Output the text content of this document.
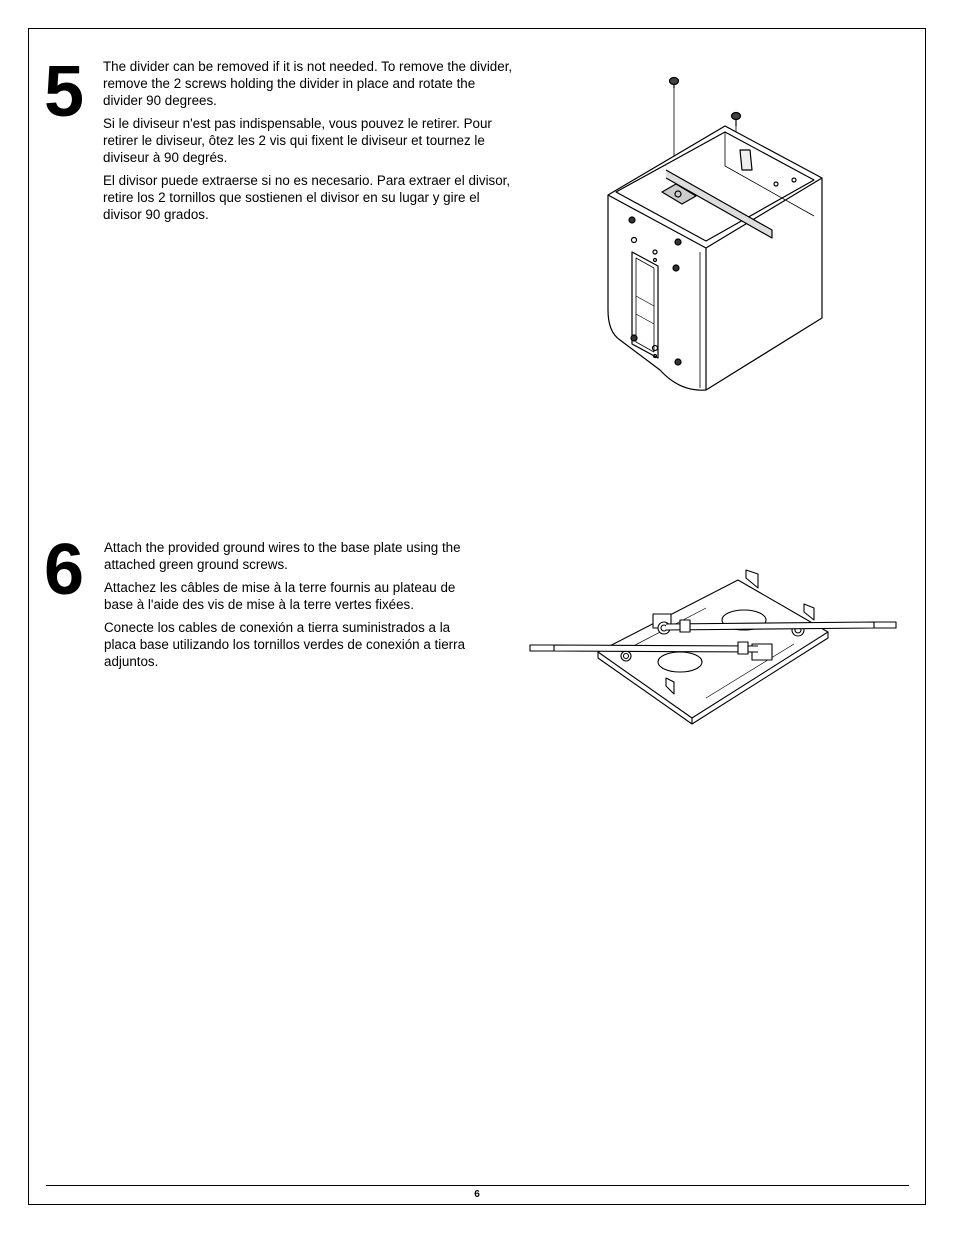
5 The divider can be removed if it is not needed. To remove the divider, remove the 2 screws holding the divider in place and rotate the divider 90 degrees.

Si le diviseur n'est pas indispensable, vous pouvez le retirer. Pour retirer le diviseur, ôtez les 2 vis qui fixent le diviseur et tournez le diviseur à 90 degrés.

El divisor puede extraerse si no es necesario. Para extraer el divisor, retire los 2 tornillos que sostienen el divisor en su lugar y gire el divisor 90 grados.

6 Attach the provided ground wires to the base plate using the attached green ground screws.

Attachez les câbles de mise à la terre fournis au plateau de base à l'aide des vis de mise à la terre vertes fixées.

Conecte los cables de conexión a tierra suministrados a la placa base utilizando los tornillos verdes de conexión a tierra adjuntos.

6
